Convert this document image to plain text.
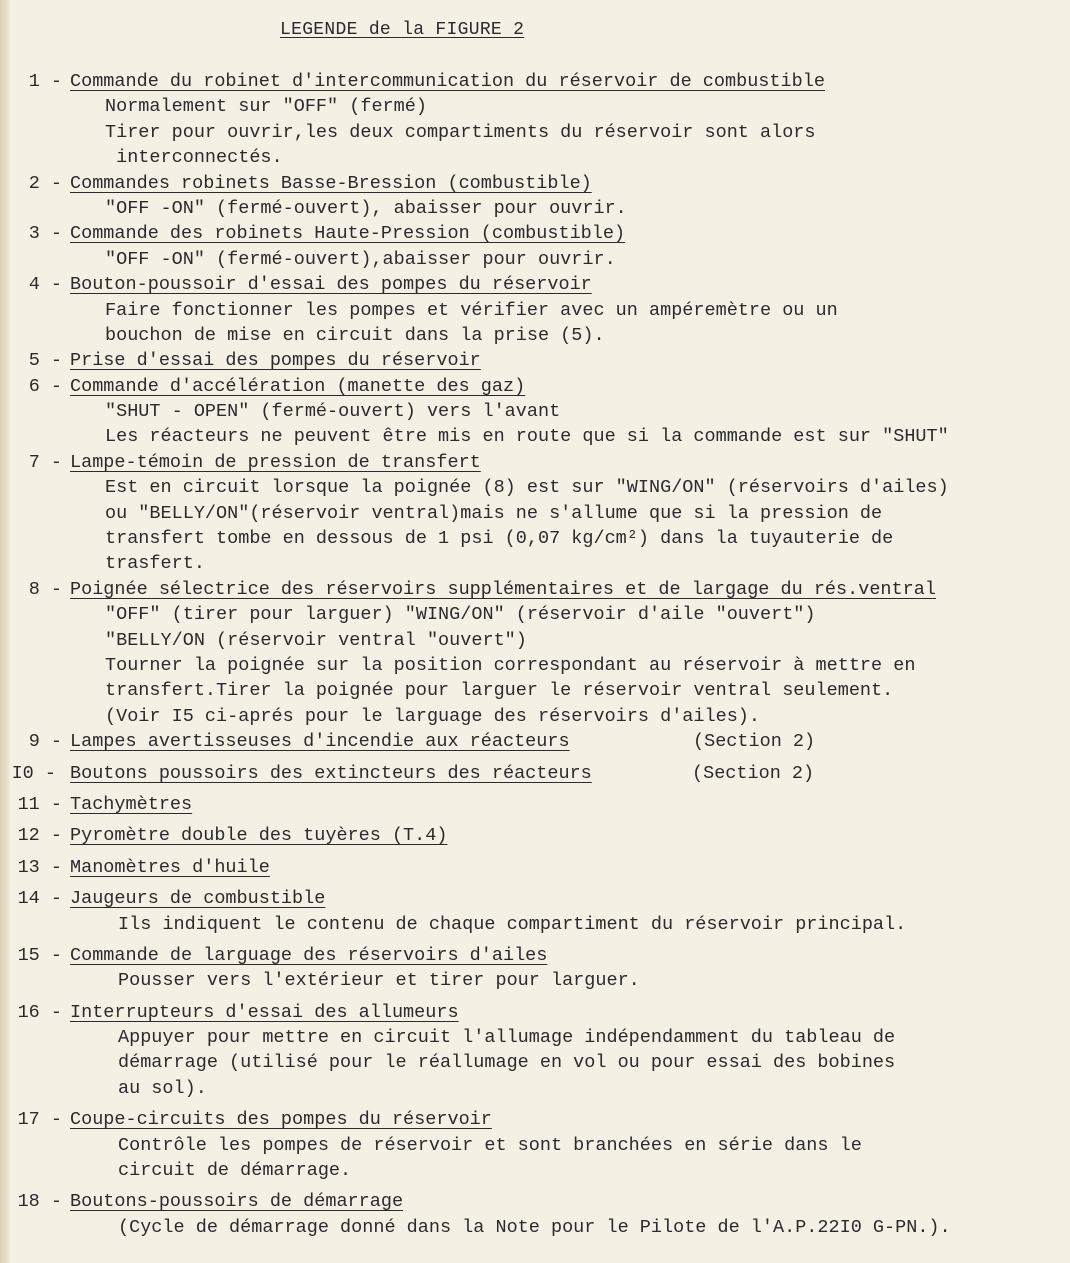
LEGENDE de la FIGURE 2
1 - Commande du robinet d'intercommunication du réservoir de combustible
Normalement sur "OFF" (fermé)
Tirer pour ouvrir,les deux compartiments du réservoir sont alors
interconnectés.
2 - Commandes robinets Basse-Bression (combustible)
"OFF -ON" (fermé-ouvert), abaisser pour ouvrir.
3 - Commande des robinets Haute-Pression (combustible)
"OFF -ON" (fermé-ouvert),abaisser pour ouvrir.
4 - Bouton-poussoir d'essai des pompes du réservoir
Faire fonctionner les pompes et vérifier avec un ampéremètre ou un
bouchon de mise en circuit dans la prise (5).
5 - Prise d'essai des pompes du réservoir
6 - Commande d'accélération (manette des gaz)
"SHUT - OPEN" (fermé-ouvert) vers l'avant
Les réacteurs ne peuvent être mis en route que si la commande est sur "SHUT"
7 - Lampe-témoin de pression de transfert
Est en circuit lorsque la poignée (8) est sur "WING/ON" (réservoirs d'ailes)
ou "BELLY/ON"(réservoir ventral)mais ne s'allume que si la pression de
transfert tombe en dessous de 1 psi (0,07 kg/cm²) dans la tuyauterie de
trasfert.
8 - Poignée sélectrice des réservoirs supplémentaires et de largage du rés.ventral
"OFF" (tirer pour larguer) "WING/ON" (réservoir d'aile "ouvert")
"BELLY/ON (réservoir ventral "ouvert")
Tourner la poignée sur la position correspondant au réservoir à mettre en
transfert.Tirer la poignée pour larguer le réservoir ventral seulement.
(Voir I5 ci-aprés pour le larguage des réservoirs d'ailes).
9 - Lampes avertisseuses d'incendie aux réacteurs	(Section 2)
I0 - Boutons poussoirs des extincteurs des réacteurs	(Section 2)
11 - Tachymètres
12 - Pyromètre double des tuyères (T.4)
13 - Manomètres d'huile
14 - Jaugeurs de combustible
Ils indiquent le contenu de chaque compartiment du réservoir principal.
15 - Commande de larguage des réservoirs d'ailes
Pousser vers l'extérieur et tirer pour larguer.
16 - Interrupteurs d'essai des allumeurs
Appuyer pour mettre en circuit l'allumage indépendamment du tableau de
démarrage (utilisé pour le réallumage en vol ou pour essai des bobines
au sol).
17 - Coupe-circuits des pompes du réservoir
Contrôle les pompes de réservoir et sont branchées en série dans le
circuit de démarrage.
18 - Boutons-poussoirs de démarrage
(Cycle de démarrage donné dans la Note pour le Pilote de l'A.P.22I0 G-PN.).
